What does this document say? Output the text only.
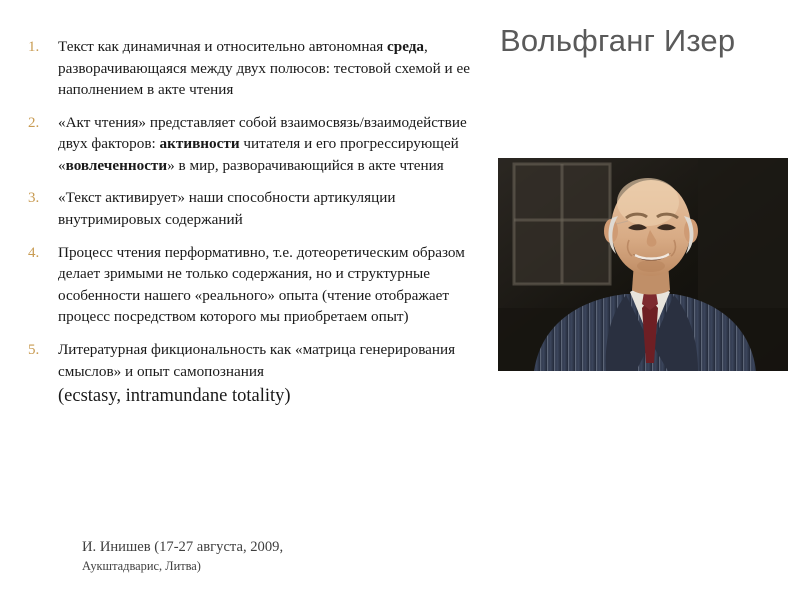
Вольфганг Изер
Текст как динамичная и относительно автономная среда, разворачивающаяся между двух полюсов: тестовой схемой и ее наполнением в акте чтения
«Акт чтения» представляет собой взаимосвязь/взаимодействие двух факторов: активности читателя и его прогрессирующей «вовлеченности» в мир, разворачивающийся в акте чтения
«Текст активирует» наши способности артикуляции внутримировых содержаний
Процесс чтения перформативно, т.е. дотеоретическим образом делает зримыми не только содержания, но и структурные особенности нашего «реального» опыта (чтение отображает процесс посредством которого мы приобретаем опыт)
Литературная фикциональность как «матрица генерирования смыслов» и опыт самопознания (ecstasy, intramundane totality)
И. Инишев (17-27 августа, 2009,
Аукштадварис, Литва)
